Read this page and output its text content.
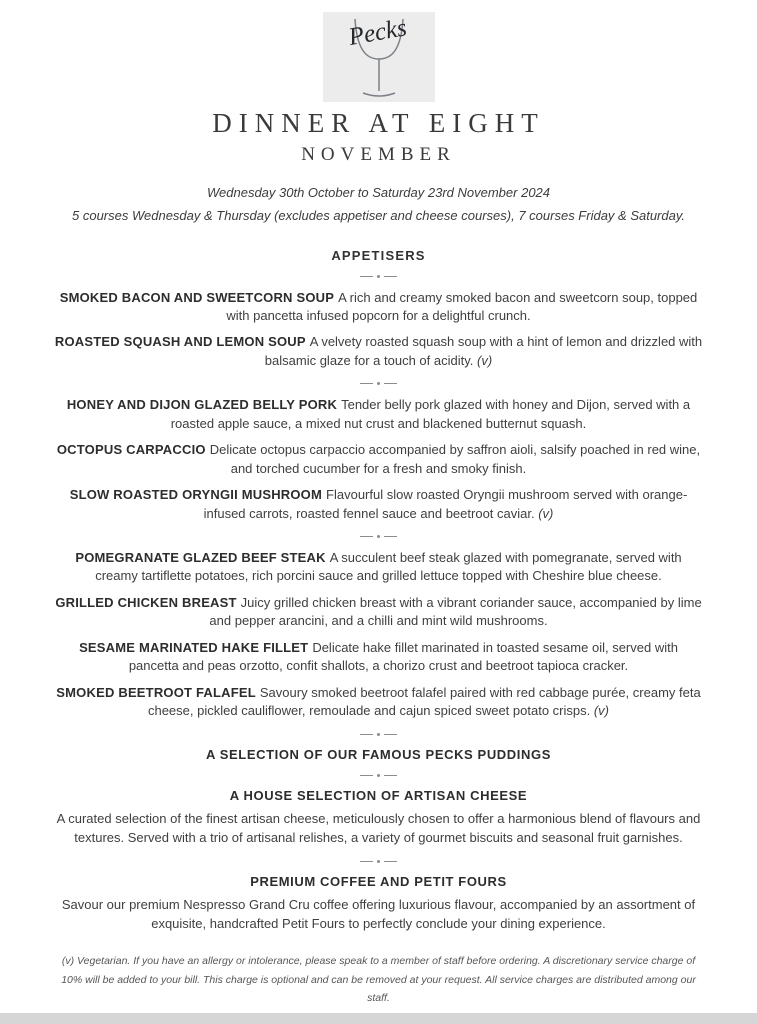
Pecks
DINNER AT EIGHT
NOVEMBER
Wednesday 30th October to Saturday 23rd November 2024
5 courses Wednesday & Thursday (excludes appetiser and cheese courses), 7 courses Friday & Saturday.
APPETISERS

SMOKED BACON AND SWEETCORN SOUP A rich and creamy smoked bacon and sweetcorn soup, topped with pancetta infused popcorn for a delightful crunch.

ROASTED SQUASH AND LEMON SOUP A velvety roasted squash soup with a hint of lemon and drizzled with balsamic glaze for a touch of acidity. (v)

HONEY AND DIJON GLAZED BELLY PORK Tender belly pork glazed with honey and Dijon, served with a roasted apple sauce, a mixed nut crust and blackened butternut squash.

OCTOPUS CARPACCIO Delicate octopus carpaccio accompanied by saffron aioli, salsify poached in red wine, and torched cucumber for a fresh and smoky finish.

SLOW ROASTED ORYNGII MUSHROOM Flavourful slow roasted Oryngii mushroom served with orange-infused carrots, roasted fennel sauce and beetroot caviar. (v)

POMEGRANATE GLAZED BEEF STEAK A succulent beef steak glazed with pomegranate, served with creamy tartiflette potatoes, rich porcini sauce and grilled lettuce topped with Cheshire blue cheese.

GRILLED CHICKEN BREAST Juicy grilled chicken breast with a vibrant coriander sauce, accompanied by lime and pepper arancini, and a chilli and mint wild mushrooms.

SESAME MARINATED HAKE FILLET Delicate hake fillet marinated in toasted sesame oil, served with pancetta and peas orzotto, confit shallots, a chorizo crust and beetroot tapioca cracker.

SMOKED BEETROOT FALAFEL Savoury smoked beetroot falafel paired with red cabbage purée, creamy feta cheese, pickled cauliflower, remoulade and cajun spiced sweet potato crisps. (v)

A SELECTION OF OUR FAMOUS PECKS PUDDINGS
A HOUSE SELECTION OF ARTISAN CHEESE

A curated selection of the finest artisan cheese, meticulously chosen to offer a harmonious blend of flavours and textures. Served with a trio of artisanal relishes, a variety of gourmet biscuits and seasonal fruit garnishes.

PREMIUM COFFEE AND PETIT FOURS

Savour our premium Nespresso Grand Cru coffee offering luxurious flavour, accompanied by an assortment of exquisite, handcrafted Petit Fours to perfectly conclude your dining experience.

(v) Vegetarian. If you have an allergy or intolerance, please speak to a member of staff before ordering. A discretionary service charge of 10% will be added to your bill. This charge is optional and can be removed at your request. All service charges are distributed among our staff.
